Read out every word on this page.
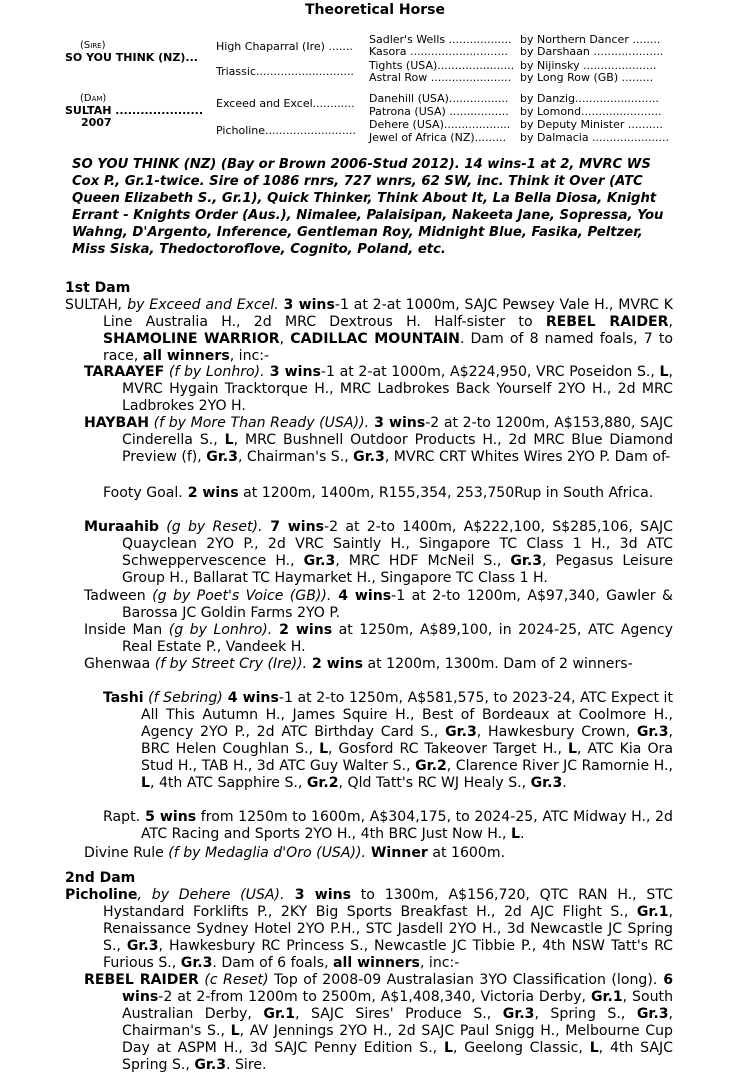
Theoretical Horse
(Sire)
SO YOU THINK (NZ)...
(Dam)
SULTAH .....................
2007
High Chaparral (Ire) .......
Triassic............................
Exceed and Excel............
Picholine..........................
Sadler's Wells ..................
Kasora ............................
Tights (USA)......................
Astral Row .......................
Danehill (USA).................
Patrona (USA) .................
Dehere (USA)...................
Jewel of Africa (NZ).........
by Northern Dancer ........
by Darshaan ....................
by Nijinsky .....................
by Long Row (GB) .........
by Danzig........................
by Lomond.......................
by Deputy Minister ..........
by Dalmacia ......................
SO YOU THINK (NZ) (Bay or Brown 2006-Stud 2012). 14 wins-1 at 2, MVRC WS Cox P., Gr.1-twice. Sire of 1086 rnrs, 727 wnrs, 62 SW, inc. Think it Over (ATC Queen Elizabeth S., Gr.1), Quick Thinker, Think About It, La Bella Diosa, Knight Errant - Knights Order (Aus.), Nimalee, Palaisipan, Nakeeta Jane, Sopressa, You Wahng, D'Argento, Inference, Gentleman Roy, Midnight Blue, Fasika, Peltzer, Miss Siska, Thedoctoroflove, Cognito, Poland, etc.
1st Dam
SULTAH, by Exceed and Excel. 3 wins-1 at 2-at 1000m, SAJC Pewsey Vale H., MVRC K Line Australia H., 2d MRC Dextrous H. Half-sister to REBEL RAIDER, SHAMOLINE WARRIOR, CADILLAC MOUNTAIN. Dam of 8 named foals, 7 to race, all winners, inc:-
TARAAYEF (f by Lonhro). 3 wins-1 at 2-at 1000m, A$224,950, VRC Poseidon S., L, MVRC Hygain Tracktorque H., MRC Ladbrokes Back Yourself 2YO H., 2d MRC Ladbrokes 2YO H.
HAYBAH (f by More Than Ready (USA)). 3 wins-2 at 2-to 1200m, A$153,880, SAJC Cinderella S., L, MRC Bushnell Outdoor Products H., 2d MRC Blue Diamond Preview (f), Gr.3, Chairman's S., Gr.3, MVRC CRT Whites Wires 2YO P. Dam of-
Footy Goal. 2 wins at 1200m, 1400m, R155,354, 253,750Rup in South Africa.
Muraahib (g by Reset). 7 wins-2 at 2-to 1400m, A$222,100, S$285,106, SAJC Quayclean 2YO P., 2d VRC Saintly H., Singapore TC Class 1 H., 3d ATC Schweppervescence H., Gr.3, MRC HDF McNeil S., Gr.3, Pegasus Leisure Group H., Ballarat TC Haymarket H., Singapore TC Class 1 H.
Tadween (g by Poet's Voice (GB)). 4 wins-1 at 2-to 1200m, A$97,340, Gawler & Barossa JC Goldin Farms 2YO P.
Inside Man (g by Lonhro). 2 wins at 1250m, A$89,100, in 2024-25, ATC Agency Real Estate P., Vandeek H.
Ghenwaa (f by Street Cry (Ire)). 2 wins at 1200m, 1300m. Dam of 2 winners-
Tashi (f Sebring) 4 wins-1 at 2-to 1250m, A$581,575, to 2023-24, ATC Expect it All This Autumn H., James Squire H., Best of Bordeaux at Coolmore H., Agency 2YO P., 2d ATC Birthday Card S., Gr.3, Hawkesbury Crown, Gr.3, BRC Helen Coughlan S., L, Gosford RC Takeover Target H., L, ATC Kia Ora Stud H., TAB H., 3d ATC Guy Walter S., Gr.2, Clarence River JC Ramornie H., L, 4th ATC Sapphire S., Gr.2, Qld Tatt's RC WJ Healy S., Gr.3.
Rapt. 5 wins from 1250m to 1600m, A$304,175, to 2024-25, ATC Midway H., 2d ATC Racing and Sports 2YO H., 4th BRC Just Now H., L.
Divine Rule (f by Medaglia d'Oro (USA)). Winner at 1600m.
2nd Dam
Picholine, by Dehere (USA). 3 wins to 1300m, A$156,720, QTC RAN H., STC Hystandard Forklifts P., 2KY Big Sports Breakfast H., 2d AJC Flight S., Gr.1, Renaissance Sydney Hotel 2YO P.H., STC Jasdell 2YO H., 3d Newcastle JC Spring S., Gr.3, Hawkesbury RC Princess S., Newcastle JC Tibbie P., 4th NSW Tatt's RC Furious S., Gr.3. Dam of 6 foals, all winners, inc:-
REBEL RAIDER (c Reset) Top of 2008-09 Australasian 3YO Classification (long). 6 wins-2 at 2-from 1200m to 2500m, A$1,408,340, Victoria Derby, Gr.1, South Australian Derby, Gr.1, SAJC Sires' Produce S., Gr.3, Spring S., Gr.3, Chairman's S., L, AV Jennings 2YO H., 2d SAJC Paul Snigg H., Melbourne Cup Day at ASPM H., 3d SAJC Penny Edition S., L, Geelong Classic, L, 4th SAJC Spring S., Gr.3. Sire.
